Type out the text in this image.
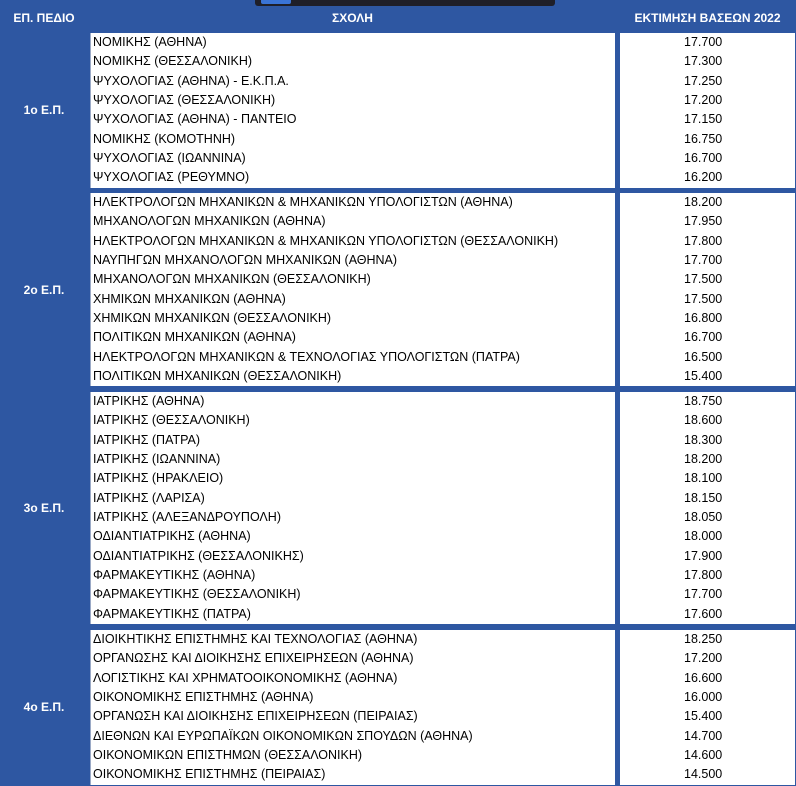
ΕΠ. ΠΕΔΙΟ	ΣΧΟΛΗ	ΕΚΤΙΜΗΣΗ ΒΑΣΕΩΝ 2022
1ο Ε.Π.
ΝΟΜΙΚΗΣ (ΑΘΗΝΑ)
ΝΟΜΙΚΗΣ (ΘΕΣΣΑΛΟΝΙΚΗ)
ΨΥΧΟΛΟΓΙΑΣ (ΑΘΗΝΑ) - Ε.Κ.Π.Α.
ΨΥΧΟΛΟΓΙΑΣ (ΘΕΣΣΑΛΟΝΙΚΗ)
ΨΥΧΟΛΟΓΙΑΣ (ΑΘΗΝΑ) - ΠΑΝΤΕΙΟ
ΝΟΜΙΚΗΣ (ΚΟΜΟΤΗΝΗ)
ΨΥΧΟΛΟΓΙΑΣ (ΙΩΑΝΝΙΝΑ)
ΨΥΧΟΛΟΓΙΑΣ (ΡΕΘΥΜΝΟ)
17.700
17.300
17.250
17.200
17.150
16.750
16.700
16.200
2ο Ε.Π.
ΗΛΕΚΤΡΟΛΟΓΩΝ ΜΗΧΑΝΙΚΩΝ & ΜΗΧΑΝΙΚΩΝ ΥΠΟΛΟΓΙΣΤΩΝ (ΑΘΗΝΑ)
ΜΗΧΑΝΟΛΟΓΩΝ ΜΗΧΑΝΙΚΩΝ (ΑΘΗΝΑ)
ΗΛΕΚΤΡΟΛΟΓΩΝ ΜΗΧΑΝΙΚΩΝ & ΜΗΧΑΝΙΚΩΝ ΥΠΟΛΟΓΙΣΤΩΝ (ΘΕΣΣΑΛΟΝΙΚΗ)
ΝΑΥΠΗΓΩΝ ΜΗΧΑΝΟΛΟΓΩΝ ΜΗΧΑΝΙΚΩΝ (ΑΘΗΝΑ)
ΜΗΧΑΝΟΛΟΓΩΝ ΜΗΧΑΝΙΚΩΝ (ΘΕΣΣΑΛΟΝΙΚΗ)
ΧΗΜΙΚΩΝ ΜΗΧΑΝΙΚΩΝ (ΑΘΗΝΑ)
ΧΗΜΙΚΩΝ ΜΗΧΑΝΙΚΩΝ (ΘΕΣΣΑΛΟΝΙΚΗ)
ΠΟΛΙΤΙΚΩΝ ΜΗΧΑΝΙΚΩΝ (ΑΘΗΝΑ)
ΗΛΕΚΤΡΟΛΟΓΩΝ ΜΗΧΑΝΙΚΩΝ & ΤΕΧΝΟΛΟΓΙΑΣ ΥΠΟΛΟΓΙΣΤΩΝ (ΠΑΤΡΑ)
ΠΟΛΙΤΙΚΩΝ ΜΗΧΑΝΙΚΩΝ (ΘΕΣΣΑΛΟΝΙΚΗ)
18.200
17.950
17.800
17.700
17.500
17.500
16.800
16.700
16.500
15.400
3ο Ε.Π.
ΙΑΤΡΙΚΗΣ (ΑΘΗΝΑ)
ΙΑΤΡΙΚΗΣ (ΘΕΣΣΑΛΟΝΙΚΗ)
ΙΑΤΡΙΚΗΣ (ΠΑΤΡΑ)
ΙΑΤΡΙΚΗΣ (ΙΩΑΝΝΙΝΑ)
ΙΑΤΡΙΚΗΣ (ΗΡΑΚΛΕΙΟ)
ΙΑΤΡΙΚΗΣ (ΛΑΡΙΣΑ)
ΙΑΤΡΙΚΗΣ (ΑΛΕΞΑΝΔΡΟΥΠΟΛΗ)
ΟΔΙΑΝΤΙΑΤΡΙΚΗΣ (ΑΘΗΝΑ)
ΟΔΙΑΝΤΙΑΤΡΙΚΗΣ (ΘΕΣΣΑΛΟΝΙΚΗΣ)
ΦΑΡΜΑΚΕΥΤΙΚΗΣ (ΑΘΗΝΑ)
ΦΑΡΜΑΚΕΥΤΙΚΗΣ (ΘΕΣΣΑΛΟΝΙΚΗ)
ΦΑΡΜΑΚΕΥΤΙΚΗΣ (ΠΑΤΡΑ)
18.750
18.600
18.300
18.200
18.100
18.150
18.050
18.000
17.900
17.800
17.700
17.600
4ο Ε.Π.
ΔΙΟΙΚΗΤΙΚΗΣ ΕΠΙΣΤΗΜΗΣ ΚΑΙ ΤΕΧΝΟΛΟΓΙΑΣ (ΑΘΗΝΑ)
ΟΡΓΑΝΩΣΗΣ ΚΑΙ ΔΙΟΙΚΗΣΗΣ ΕΠΙΧΕΙΡΗΣΕΩΝ (ΑΘΗΝΑ)
ΛΟΓΙΣΤΙΚΗΣ ΚΑΙ ΧΡΗΜΑΤΟΟΙΚΟΝΟΜΙΚΗΣ (ΑΘΗΝΑ)
ΟΙΚΟΝΟΜΙΚΗΣ ΕΠΙΣΤΗΜΗΣ (ΑΘΗΝΑ)
ΟΡΓΑΝΩΣΗ ΚΑΙ ΔΙΟΙΚΗΣΗΣ ΕΠΙΧΕΙΡΗΣΕΩΝ (ΠΕΙΡΑΙΑΣ)
ΔΙΕΘΝΩΝ ΚΑΙ ΕΥΡΩΠΑΪΚΩΝ ΟΙΚΟΝΟΜΙΚΩΝ ΣΠΟΥΔΩΝ (ΑΘΗΝΑ)
ΟΙΚΟΝΟΜΙΚΩΝ ΕΠΙΣΤΗΜΩΝ (ΘΕΣΣΑΛΟΝΙΚΗ)
ΟΙΚΟΝΟΜΙΚΗΣ ΕΠΙΣΤΗΜΗΣ (ΠΕΙΡΑΙΑΣ)
18.250
17.200
16.600
16.000
15.400
14.700
14.600
14.500
